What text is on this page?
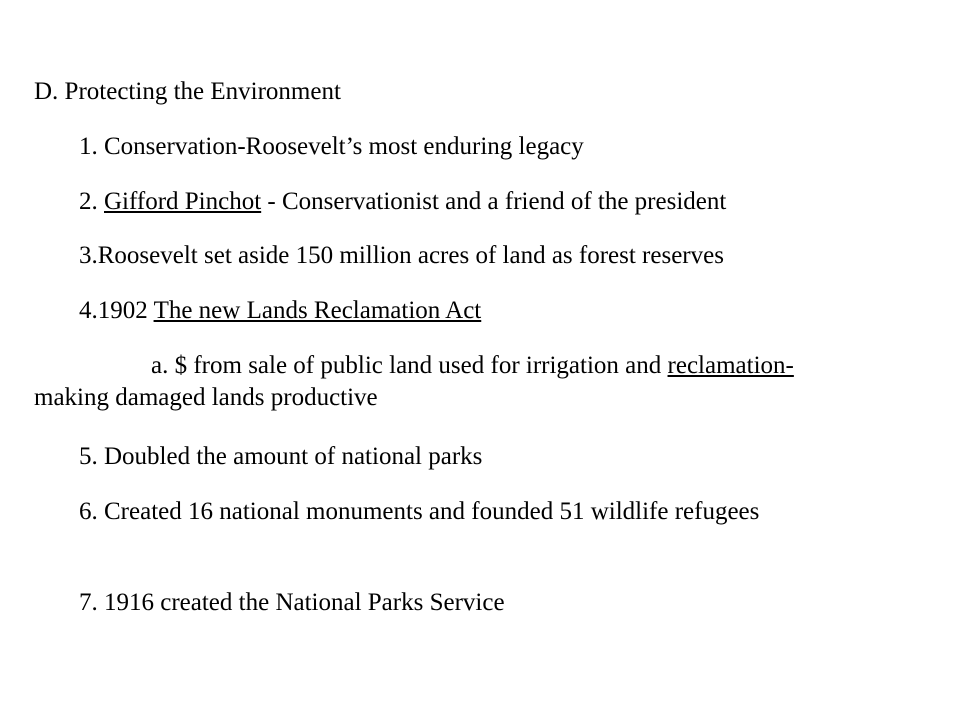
D. Protecting the Environment
1. Conservation-Roosevelt’s most enduring legacy
2. Gifford Pinchot - Conservationist and a friend of the president
3.Roosevelt set aside 150 million acres of land as forest reserves
4.1902 The new Lands Reclamation Act
a. $ from sale of public land used for irrigation and reclamation- making damaged lands productive
5. Doubled the amount of national parks
6. Created 16 national monuments and founded 51 wildlife refugees
7. 1916 created the National Parks Service
